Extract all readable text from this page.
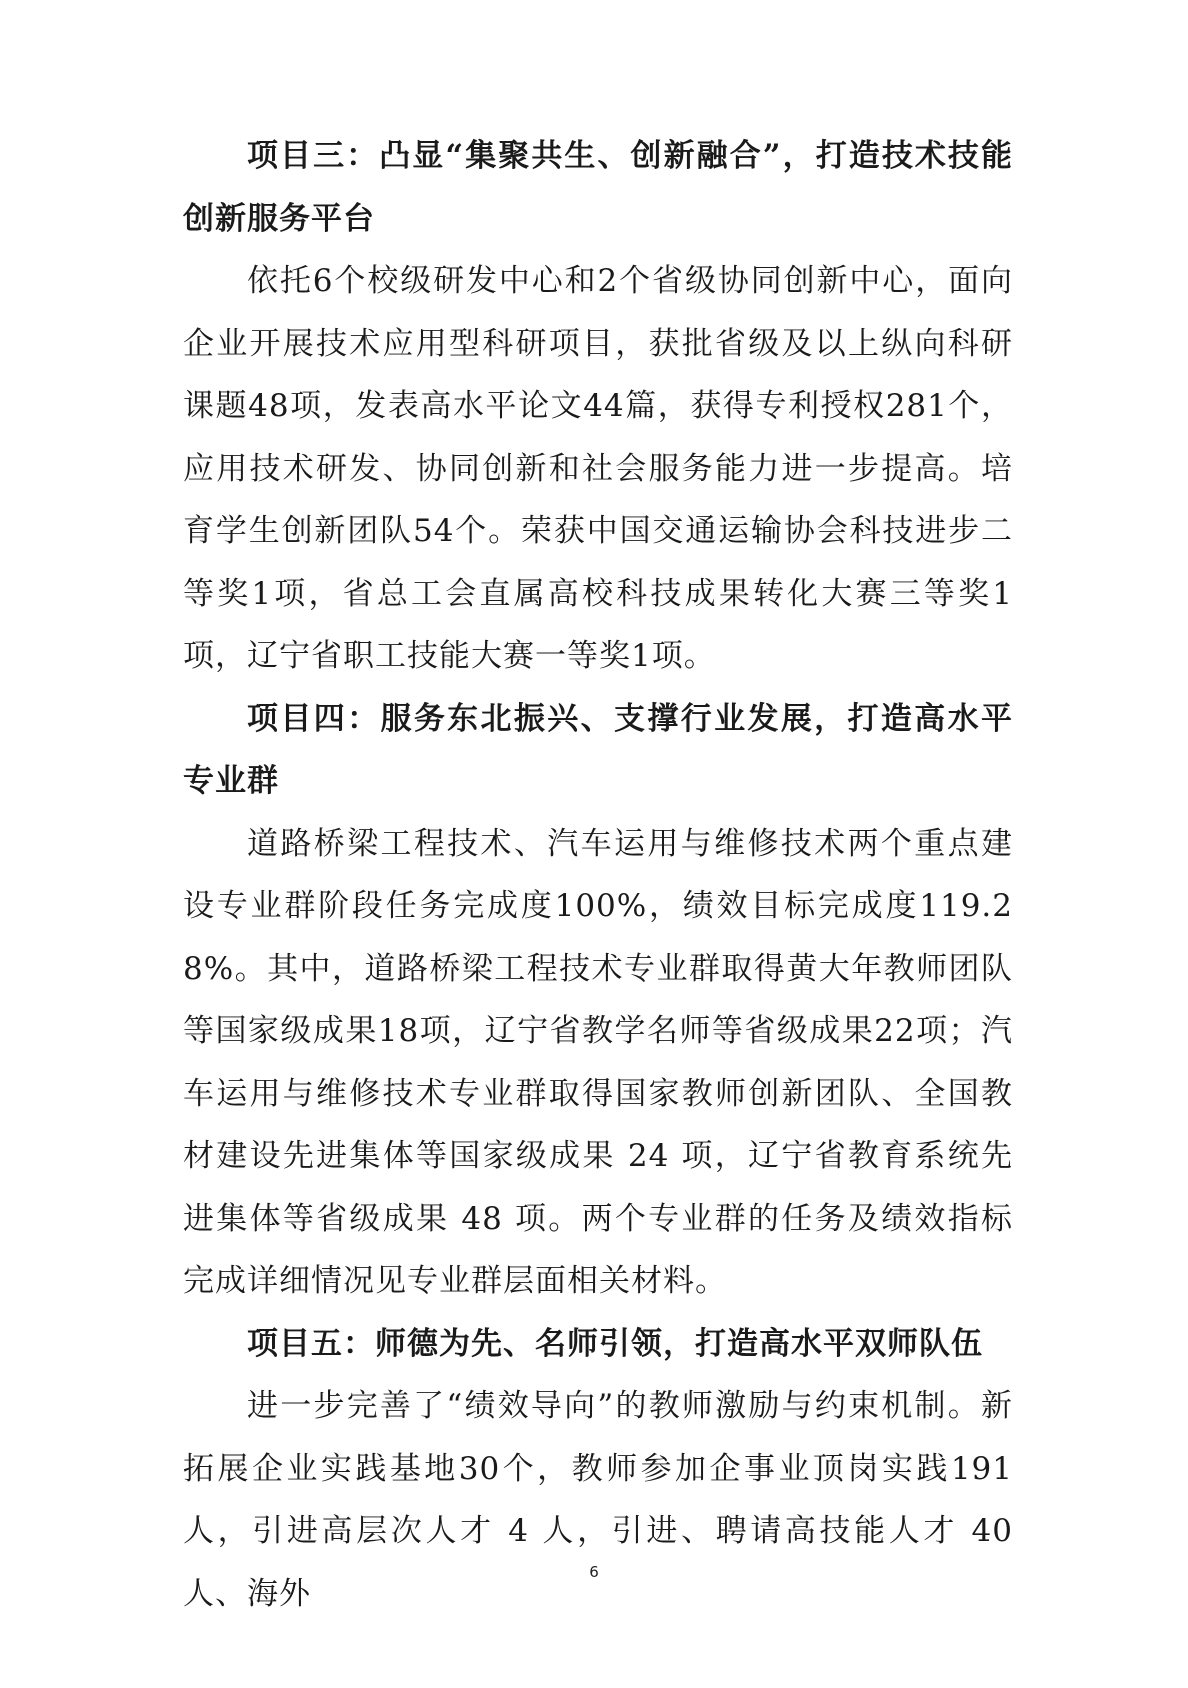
项目三：凸显“集聚共生、创新融合”，打造技术技能创新服务平台

依托6个校级研发中心和2个省级协同创新中心，面向企业开展技术应用型科研项目，获批省级及以上纵向科研课题48项，发表高水平论文44篇，获得专利授权281个，应用技术研发、协同创新和社会服务能力进一步提高。培育学生创新团队54个。荣获中国交通运输协会科技进步二等奖1项，省总工会直属高校科技成果转化大赛三等奖1项，辽宁省职工技能大赛一等奖1项。

项目四：服务东北振兴、支撑行业发展，打造高水平专业群

道路桥梁工程技术、汽车运用与维修技术两个重点建设专业群阶段任务完成度100%，绩效目标完成度119.28%。其中，道路桥梁工程技术专业群取得黄大年教师团队等国家级成果18项，辽宁省教学名师等省级成果22项；汽车运用与维修技术专业群取得国家教师创新团队、全国教材建设先进集体等国家级成果 24 项，辽宁省教育系统先进集体等省级成果 48 项。两个专业群的任务及绩效指标完成详细情况见专业群层面相关材料。

项目五：师德为先、名师引领，打造高水平双师队伍

进一步完善了“绩效导向”的教师激励与约束机制。新拓展企业实践基地30个，教师参加企事业顶岗实践191人，引进高层次人才 4 人，引进、聘请高技能人才 40 人、海外

6
